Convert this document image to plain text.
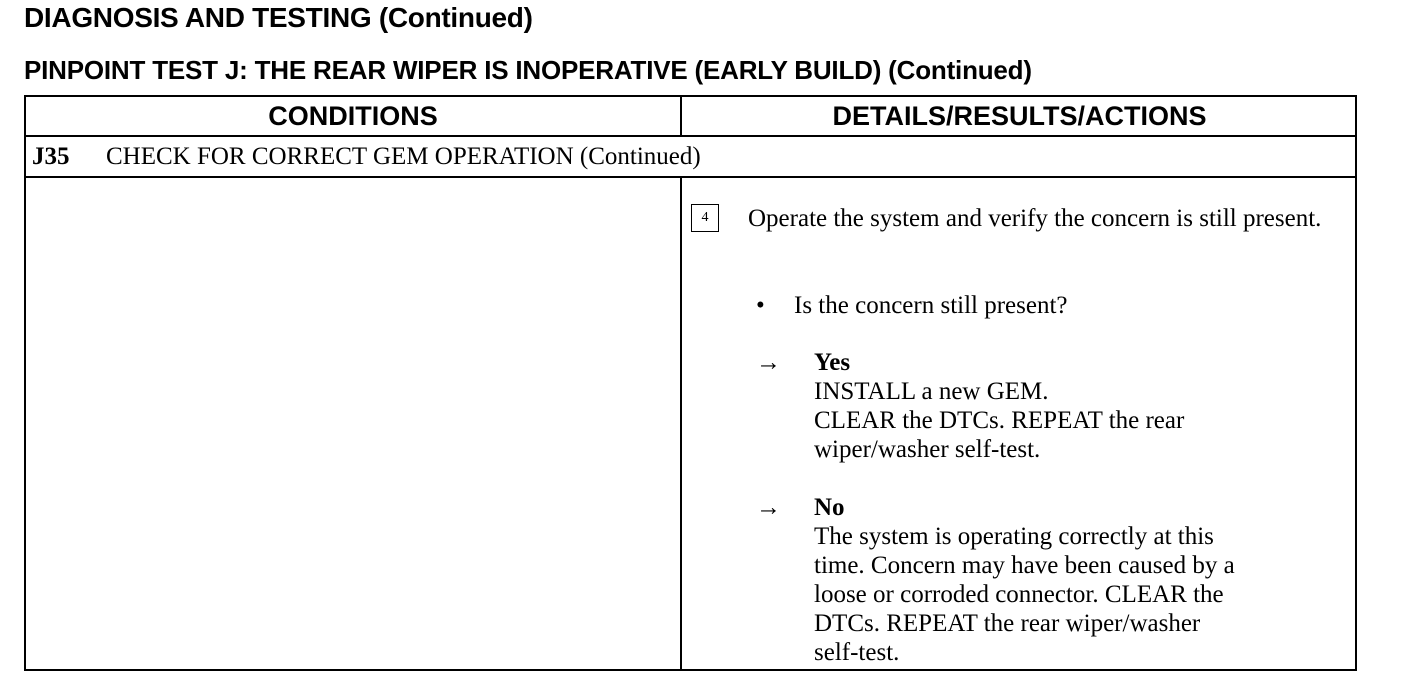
DIAGNOSIS AND TESTING (Continued)
PINPOINT TEST J: THE REAR WIPER IS INOPERATIVE (EARLY BUILD) (Continued)
CONDITIONS	DETAILS/RESULTS/ACTIONS
J35 CHECK FOR CORRECT GEM OPERATION (Continued)
4	Operate the system and verify the concern is still present.
• Is the concern still present?
→ Yes
INSTALL a new GEM.
CLEAR the DTCs. REPEAT the rear
wiper/washer self-test.
→ No
The system is operating correctly at this
time. Concern may have been caused by a
loose or corroded connector. CLEAR the
DTCs. REPEAT the rear wiper/washer
self-test.
